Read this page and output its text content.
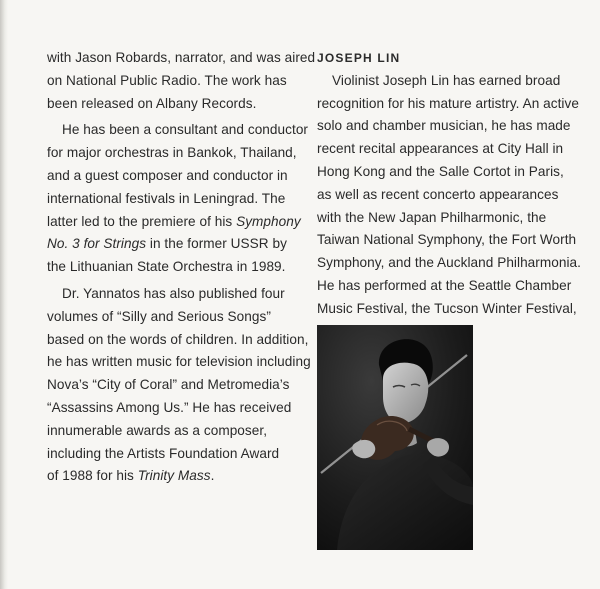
with Jason Robards, narrator, and was aired
on National Public Radio. The work has
been released on Albany Records.
He has been a consultant and conductor
for major orchestras in Bankok, Thailand,
and a guest composer and conductor in
international festivals in Leningrad. The
latter led to the premiere of his Symphony
No. 3 for Strings in the former USSR by
the Lithuanian State Orchestra in 1989.
Dr. Yannatos has also published four
volumes of “Silly and Serious Songs”
based on the words of children. In addition,
he has written music for television including
Nova’s “City of Coral” and Metromedia’s
“Assassins Among Us.” He has received
innumerable awards as a composer,
including the Artists Foundation Award
of 1988 for his Trinity Mass.
JOSEPH LIN
Violinist Joseph Lin has earned broad
recognition for his mature artistry. An active
solo and chamber musician, he has made
recent recital appearances at City Hall in
Hong Kong and the Salle Cortot in Paris,
as well as recent concerto appearances
with the New Japan Philharmonic, the
Taiwan National Symphony, the Fort Worth
Symphony, and the Auckland Philharmonia.
He has performed at the Seattle Chamber
Music Festival, the Tucson Winter Festival,
